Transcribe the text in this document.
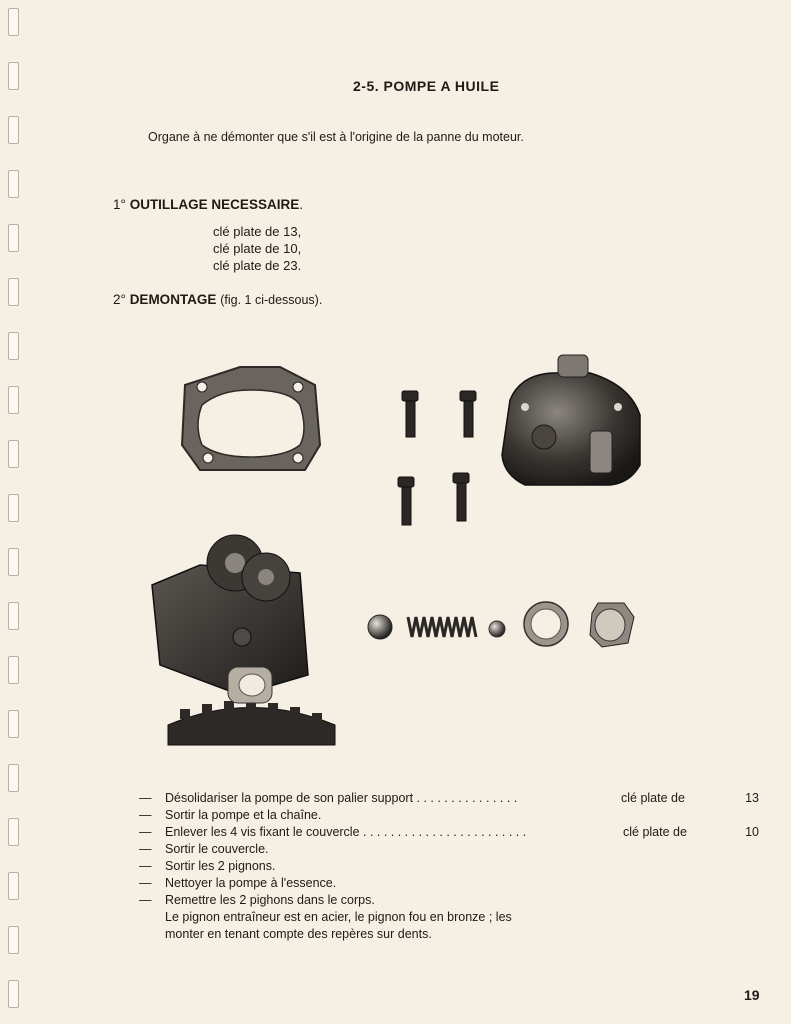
2-5. POMPE A HUILE
Organe à ne démonter que s'il est à l'origine de la panne du moteur.
1° OUTILLAGE NECESSAIRE.
clé plate de 13,
clé plate de 10,
clé plate de 23.
2° DEMONTAGE (fig. 1 ci-dessous).
— Désolidariser la pompe de son palier support . . . . . . . . . . . . . . .	clé plate de	13
— Sortir la pompe et la chaîne.
— Enlever les 4 vis fixant le couvercle . . . . . . . . . . . . . . . . . . . . . . . .	clé plate de	10
— Sortir le couvercle.
— Sortir les 2 pignons.
— Nettoyer la pompe à l'essence.
— Remettre les 2 pighons dans le corps.
Le pignon entraîneur est en acier, le pignon fou en bronze ; les
monter en tenant compte des repères sur dents.
19
